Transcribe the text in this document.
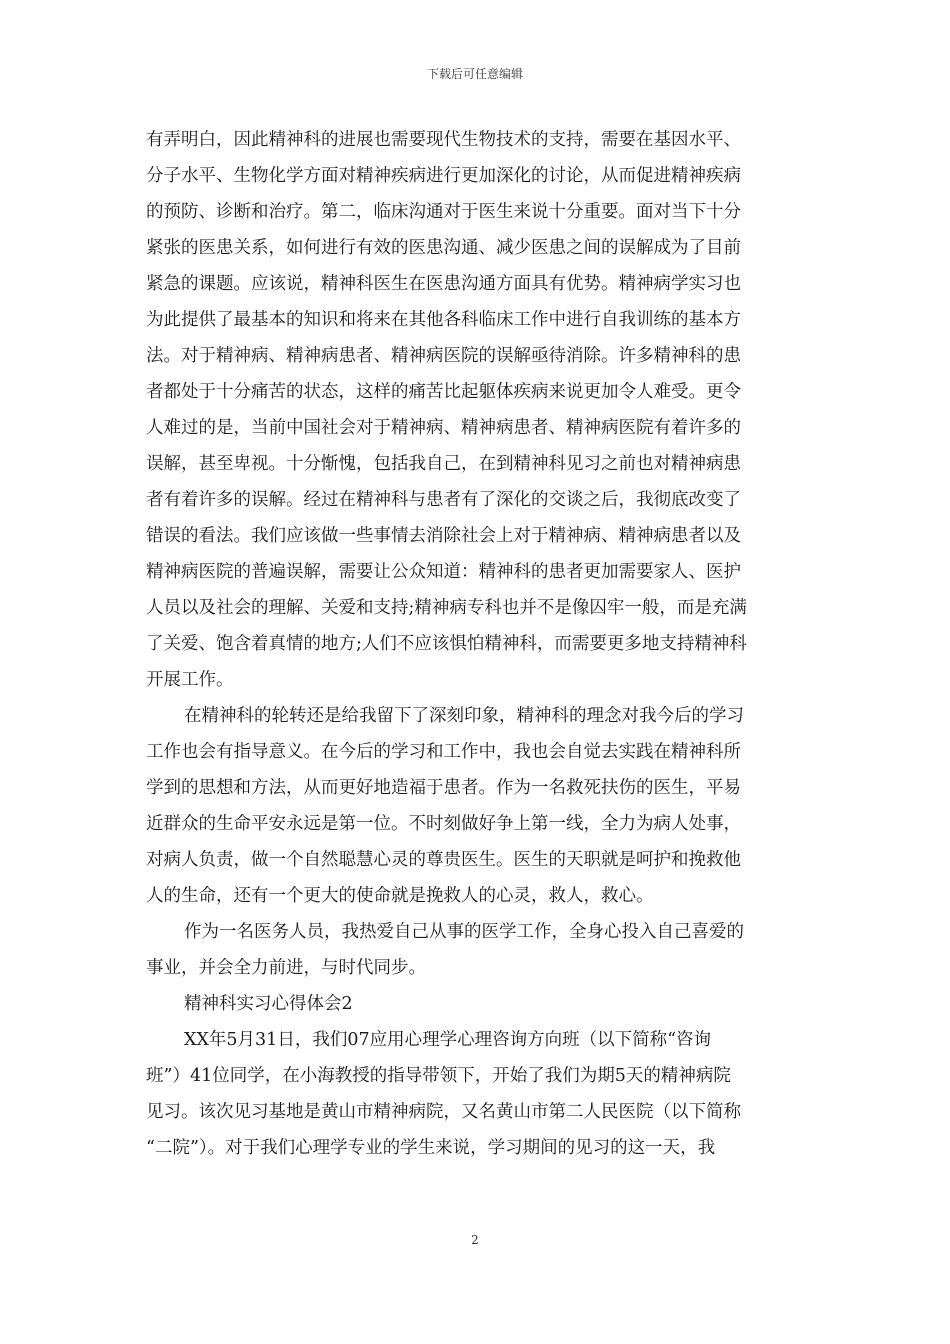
下载后可任意编辑
有弄明白，因此精神科的进展也需要现代生物技术的支持，需要在基因水平、
分子水平、生物化学方面对精神疾病进行更加深化的讨论，从而促进精神疾病
的预防、诊断和治疗。第二，临床沟通对于医生来说十分重要。面对当下十分
紧张的医患关系，如何进行有效的医患沟通、减少医患之间的误解成为了目前
紧急的课题。应该说，精神科医生在医患沟通方面具有优势。精神病学实习也
为此提供了最基本的知识和将来在其他各科临床工作中进行自我训练的基本方
法。对于精神病、精神病患者、精神病医院的误解亟待消除。许多精神科的患
者都处于十分痛苦的状态，这样的痛苦比起躯体疾病来说更加令人难受。更令
人难过的是，当前中国社会对于精神病、精神病患者、精神病医院有着许多的
误解，甚至卑视。十分惭愧，包括我自己，在到精神科见习之前也对精神病患
者有着许多的误解。经过在精神科与患者有了深化的交谈之后，我彻底改变了
错误的看法。我们应该做一些事情去消除社会上对于精神病、精神病患者以及
精神病医院的普遍误解，需要让公众知道：精神科的患者更加需要家人、医护
人员以及社会的理解、关爱和支持;精神病专科也并不是像囚牢一般，而是充满
了关爱、饱含着真情的地方;人们不应该惧怕精神科，而需要更多地支持精神科
开展工作。
在精神科的轮转还是给我留下了深刻印象，精神科的理念对我今后的学习
工作也会有指导意义。在今后的学习和工作中，我也会自觉去实践在精神科所
学到的思想和方法，从而更好地造福于患者。作为一名救死扶伤的医生，平易
近群众的生命平安永远是第一位。不时刻做好争上第一线，全力为病人处事，
对病人负责，做一个自然聪慧心灵的尊贵医生。医生的天职就是呵护和挽救他
人的生命，还有一个更大的使命就是挽救人的心灵，救人，救心。
作为一名医务人员，我热爱自己从事的医学工作，全身心投入自己喜爱的
事业，并会全力前进，与时代同步。
精神科实习心得体会2
XX年5月31日，我们07应用心理学心理咨询方向班（以下简称“咨询
班”）41位同学，在小海教授的指导带领下，开始了我们为期5天的精神病院
见习。该次见习基地是黄山市精神病院，又名黄山市第二人民医院（以下简称
“二院”）。对于我们心理学专业的学生来说，学习期间的见习的这一天，我
2
